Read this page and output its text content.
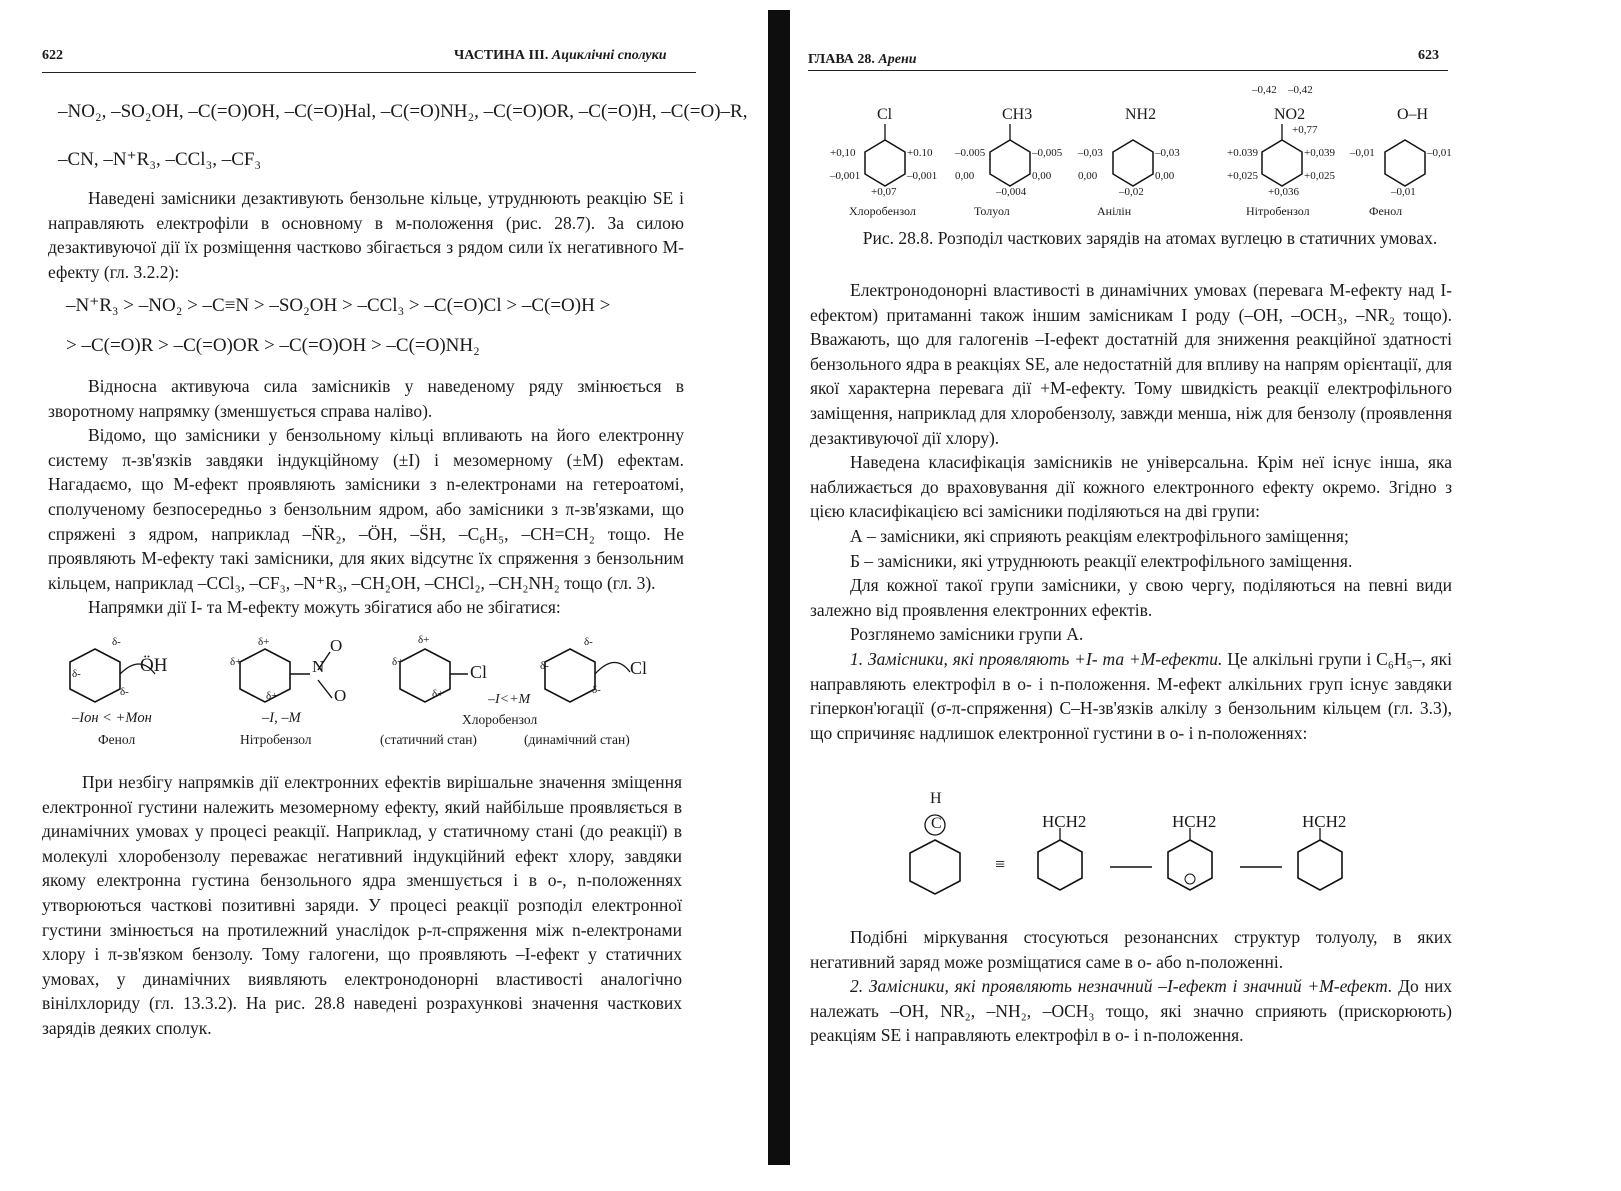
622	ЧАСТИНА III. Ациклічні сполуки
–NO₂, –SO₂OH, –C(=O)OH, –C(=O)Hal, –C(=O)NH₂, –C(=O)OR, –C(=O)H, –C(=O)–R,
–CN, –N⁺R₃, –CCl₃, –CF₃

Наведені замісники дезактивують бензольне кільце, утруднюють реакцію SE і направляють електрофіли в основному в м-положення (рис. 28.7). За силою дезактивуючої дії їх розміщення частково збігається з рядом сили їх негативного M-ефекту (гл. 3.2.2):

–N⁺R₃ > –NO₂ > –C≡N > –SO₂OH > –CCl₃ > –C(=O)Cl > –C(=O)H >
> –C(=O)R > –C(=O)OR > –C(=O)OH > –C(=O)NH₂

Відносна активуюча сила замісників у наведеному ряду змінюється в зворотному напрямку (зменшується справа наліво).

Відомо, що замісники у бензольному кільці впливають на його електронну систему π-зв'язків завдяки індукційному (±I) і мезомерному (±M) ефектам. Нагадаємо, що M-ефект проявляють замісники з n-електронами на гетероатомі, сполученому безпосередньо з бензольним ядром, або замісники з π-зв'язками, що спряжені з ядром, наприклад –N̈R₂, –ÖH, –S̈H, –C₆H₅, –CH=CH₂ тощо. Не проявляють M-ефекту такі замісники, для яких відсутнє їх спряження з бензольним кільцем, наприклад –CCl₃, –CF₃, –N⁺R₃, –CH₂OH, –CHCl₂, –CH₂NH₂ тощо (гл. 3).

Напрямки дії I- та M-ефекту можуть збігатися або не збігатися:

ÖH	N
O
O
Cl	Cl
δ-
δ-
δ-
δ+
δ+
δ+
δ+
δ+
δ+
δ-
δ-
δ-
–Iон < +Mон
Фенол
–I, –M
Нітробензол
–I<+M
Хлоробензол
(статичний стан)	(динамічний стан)

При незбігу напрямків дії електронних ефектів вирішальне значення зміщення електронної густини належить мезомерному ефекту, який найбільше проявляється в динамічних умовах у процесі реакції. Наприклад, у статичному стані (до реакції) в молекулі хлоробензолу переважає негативний індукційний ефект хлору, завдяки якому електронна густина бензольного ядра зменшується і в о-, n-положеннях утворюються часткові позитивні заряди. У процесі реакції розподіл електронної густини змінюється на протилежний унаслідок p-π-спряження між n-електронами хлору і π-зв'язком бензолу. Тому галогени, що проявляють –I-ефект у статичних умовах, у динамічних виявляють електронодонорні властивості аналогічно вінілхлориду (гл. 13.3.2). На рис. 28.8 наведені розрахункові значення часткових зарядів деяких сполук.

ГЛАВА 28. Арени	623
Cl
+0,10	+0.10
–0,001	–0,001
+0,07
Хлоробензол
CH3
–0.005	–0,005
0,00	0,00
–0,004
Толуол
NH2
–0,03	–0,03
0,00	0,00
–0,02
Анілін
NO2
+0.039	+0,039
+0,025	+0,025
+0,036
Нітробензол
–0,42 –0,42
+0,77
O–H
–0,01	–0,01
–0,01
Фенол
Рис. 28.8. Розподіл часткових зарядів на атомах вуглецю в статичних умовах.

Електронодонорні властивості в динамічних умовах (перевага M-ефекту над I-ефектом) притаманні також іншим замісникам I роду (–OH, –OCH₃, –NR₂ тощо). Вважають, що для галогенів –I-ефект достатній для зниження реакційної здатності бензольного ядра в реакціях SE, але недостатній для впливу на напрям орієнтації, для якої характерна перевага дії +M-ефекту. Тому швидкість реакції електрофільного заміщення, наприклад для хлоробензолу, завжди менша, ніж для бензолу (проявлення дезактивуючої дії хлору).

Наведена класифікація замісників не універсальна. Крім неї існує інша, яка наближається до враховування дії кожного електронного ефекту окремо. Згідно з цією класифікацією всі замісники поділяються на дві групи:

А – замісники, які сприяють реакціям електрофільного заміщення;

Б – замісники, які утруднюють реакції електрофільного заміщення.

Для кожної такої групи замісники, у свою чергу, поділяються на певні види залежно від проявлення електронних ефектів.

Розглянемо замісники групи А.

1. Замісники, які проявляють +I- та +M-ефекти. Це алкільні групи і C₆H₅–, які направляють електрофіл в о- і n-положення. M-ефект алкільних груп існує завдяки гіперкон'югації (σ-π-спряження) C–H-зв'язків алкілу з бензольним кільцем (гл. 3.3), що спричиняє надлишок електронної густини в о- і n-положеннях:

H
C
≡
HCH2	HCH2	HCH2

Подібні міркування стосуються резонансних структур толуолу, в яких негативний заряд може розміщатися саме в о- або n-положенні.

2. Замісники, які проявляють незначний –I-ефект і значний +M-ефект. До них належать –OH, NR₂, –NH₂, –OCH₃ тощо, які значно сприяють (прискорюють) реакціям SE і направляють електрофіл в о- і n-положення.
